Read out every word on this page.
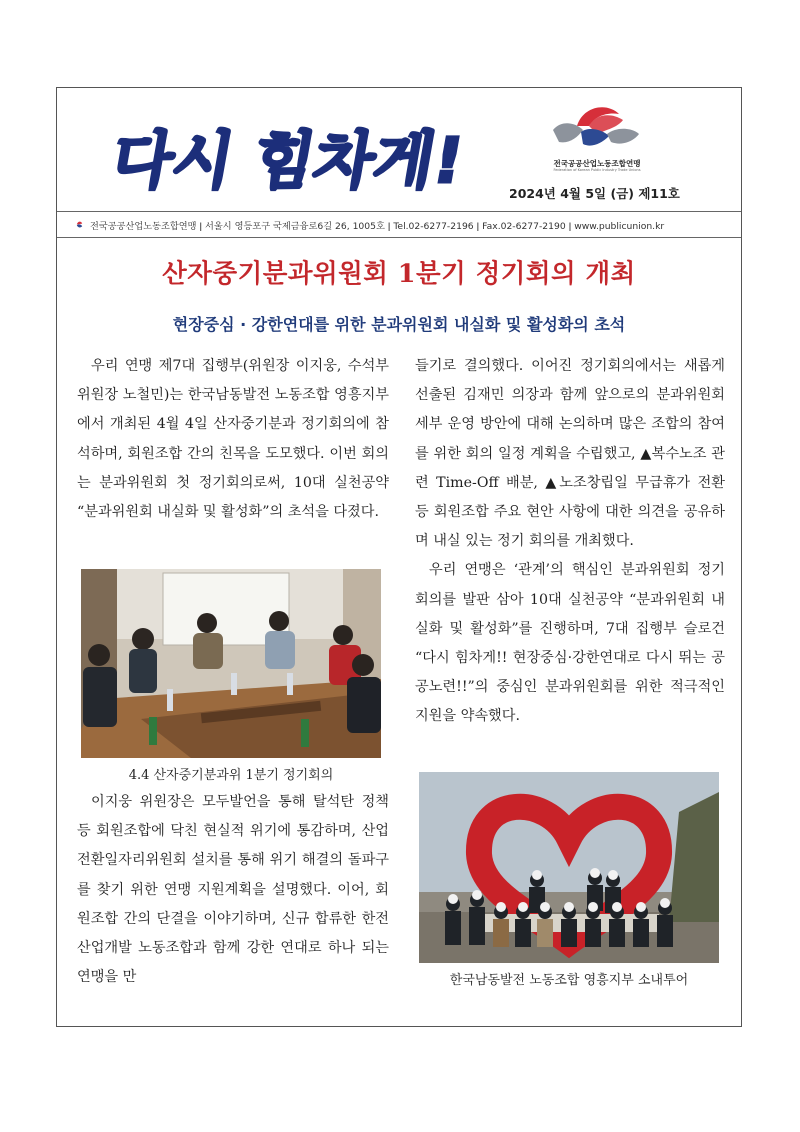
다시 힘차게!	전국공공산업노동조합연맹
Federation of Korean Public Industry Trade Unions
2024년 4월 5일 (금) 제11호
전국공공산업노동조합연맹 ǀ 서울시 영등포구 국제금융로6길 26, 1005호 ǀ Tel.02-6277-2196 ǀ Fax.02-6277-2190 ǀ www.publicunion.kr
산자중기분과위원회 1분기 정기회의 개최
현장중심 · 강한연대를 위한 분과위원회 내실화 및 활성화의 초석

우리 연맹 제7대 집행부(위원장 이지웅, 수석부위원장 노철민)는 한국남동발전 노동조합 영흥지부에서 개최된 4월 4일 산자중기분과 정기회의에 참석하며, 회원조합 간의 친목을 도모했다. 이번 회의는 분과위원회 첫 정기회의로써, 10대 실천공약 “분과위원회 내실화 및 활성화”의 초석을 다졌다.

4.4 산자중기분과위 1분기 정기회의

이지웅 위원장은 모두발언을 통해 탈석탄 정책 등 회원조합에 닥친 현실적 위기에 통감하며, 산업전환일자리위원회 설치를 통해 위기 해결의 돌파구를 찾기 위한 연맹 지원계획을 설명했다. 이어, 회원조합 간의 단결을 이야기하며, 신규 합류한 한전산업개발 노동조합과 함께 강한 연대로 하나 되는 연맹을 만

들기로 결의했다. 이어진 정기회의에서는 새롭게 선출된 김재민 의장과 함께 앞으로의 분과위원회 세부 운영 방안에 대해 논의하며 많은 조합의 참여를 위한 회의 일정 계획을 수립했고, ▲복수노조 관련 Time-Off 배분, ▲노조창립일 무급휴가 전환 등 회원조합 주요 현안 사항에 대한 의견을 공유하며 내실 있는 정기 회의를 개최했다.

우리 연맹은 ‘관계’의 핵심인 분과위원회 정기 회의를 발판 삼아 10대 실천공약 “분과위원회 내실화 및 활성화”를 진행하며, 7대 집행부 슬로건 “다시 힘차게!! 현장중심·강한연대로 다시 뛰는 공공노련!!”의 중심인 분과위원회를 위한 적극적인 지원을 약속했다.

한국남동발전 노동조합 영흥지부 소내투어
